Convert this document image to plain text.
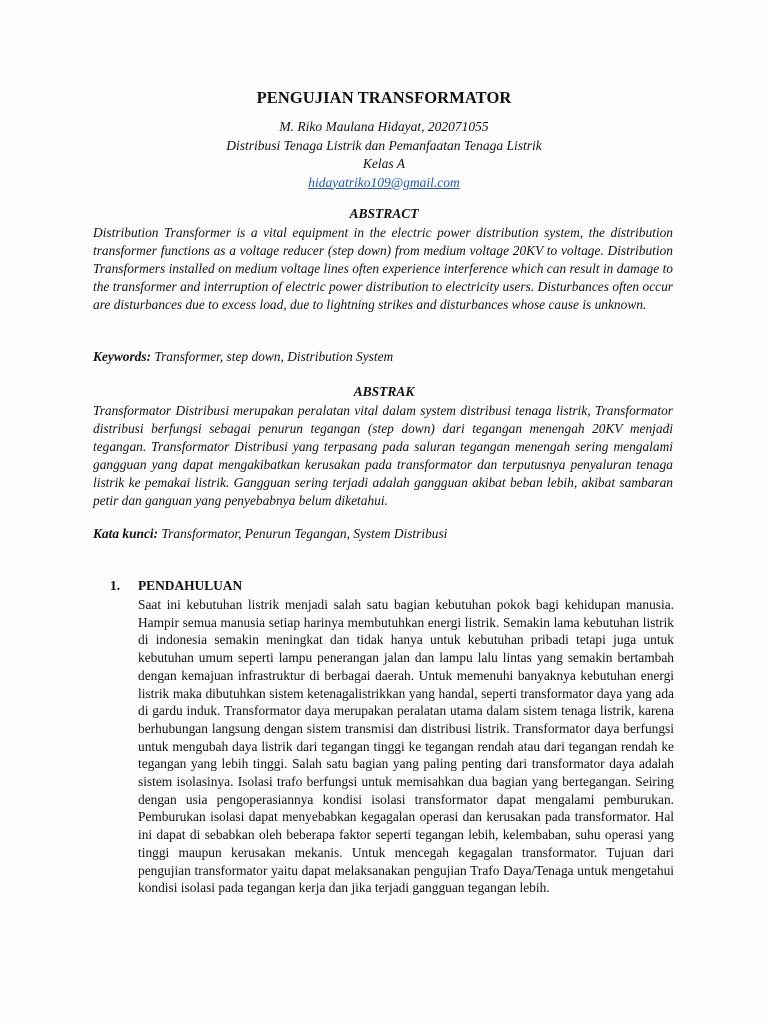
PENGUJIAN TRANSFORMATOR
M. Riko Maulana Hidayat, 202071055
Distribusi Tenaga Listrik dan Pemanfaatan Tenaga Listrik
Kelas A
hidayatriko109@gmail.com
ABSTRACT
Distribution Transformer is a vital equipment in the electric power distribution system, the distribution transformer functions as a voltage reducer (step down) from medium voltage 20KV to voltage. Distribution Transformers installed on medium voltage lines often experience interference which can result in damage to the transformer and interruption of electric power distribution to electricity users. Disturbances often occur are disturbances due to excess load, due to lightning strikes and disturbances whose cause is unknown.
Keywords: Transformer, step down, Distribution System
ABSTRAK
Transformator Distribusi merupakan peralatan vital dalam system distribusi tenaga listrik, Transformator distribusi berfungsi sebagai penurun tegangan (step down) dari tegangan menengah 20KV menjadi tegangan. Transformator Distribusi yang terpasang pada saluran tegangan menengah sering mengalami gangguan yang dapat mengakibatkan kerusakan pada transformator dan terputusnya penyaluran tenaga listrik ke pemakai listrik. Gangguan sering terjadi adalah gangguan akibat beban lebih, akibat sambaran petir dan ganguan yang penyebabnya belum diketahui.
Kata kunci: Transformator, Penurun Tegangan, System Distribusi
1. PENDAHULUAN
Saat ini kebutuhan listrik menjadi salah satu bagian kebutuhan pokok bagi kehidupan manusia. Hampir semua manusia setiap harinya membutuhkan energi listrik. Semakin lama kebutuhan listrik di indonesia semakin meningkat dan tidak hanya untuk kebutuhan pribadi tetapi juga untuk kebutuhan umum seperti lampu penerangan jalan dan lampu lalu lintas yang semakin bertambah dengan kemajuan infrastruktur di berbagai daerah. Untuk memenuhi banyaknya kebutuhan energi listrik maka dibutuhkan sistem ketenagalistrikkan yang handal, seperti transformator daya yang ada di gardu induk. Transformator daya merupakan peralatan utama dalam sistem tenaga listrik, karena berhubungan langsung dengan sistem transmisi dan distribusi listrik. Transformator daya berfungsi untuk mengubah daya listrik dari tegangan tinggi ke tegangan rendah atau dari tegangan rendah ke tegangan yang lebih tinggi. Salah satu bagian yang paling penting dari transformator daya adalah sistem isolasinya. Isolasi trafo berfungsi untuk memisahkan dua bagian yang bertegangan. Seiring dengan usia pengoperasiannya kondisi isolasi transformator dapat mengalami pemburukan. Pemburukan isolasi dapat menyebabkan kegagalan operasi dan kerusakan pada transformator. Hal ini dapat di sebabkan oleh beberapa faktor seperti tegangan lebih, kelembaban, suhu operasi yang tinggi maupun kerusakan mekanis. Untuk mencegah kegagalan transformator. Tujuan dari pengujian transformator yaitu dapat melaksanakan pengujian Trafo Daya/Tenaga untuk mengetahui kondisi isolasi pada tegangan kerja dan jika terjadi gangguan tegangan lebih.
